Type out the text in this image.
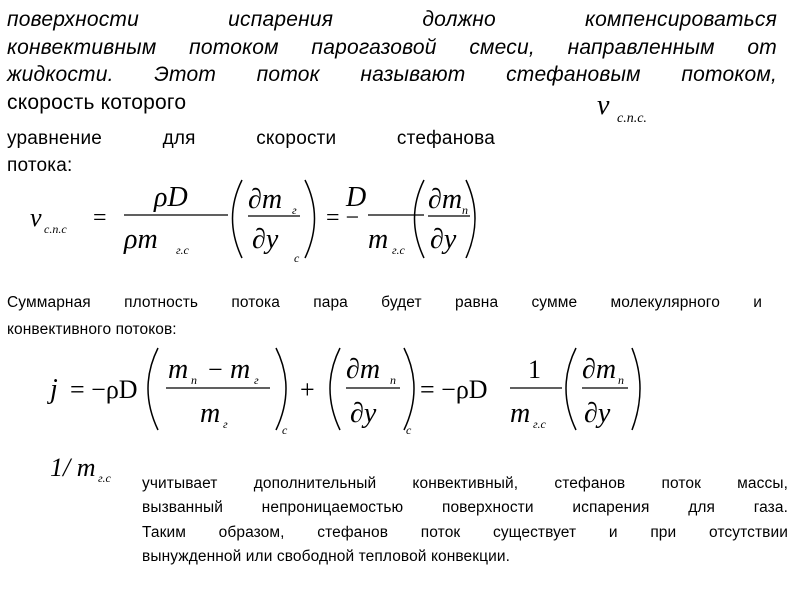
поверхности испарения должно компенсироваться
конвективным потоком парогазовой смеси, направленным от
жидкости. Этот поток называют стефановым потоком,
скорость которого	v с.п.с.
уравнение для скорости стефанова
потока:
v с.п.с =
ρD
ρm г.с
∂m г
∂y
c
= −
D
m г.с
∂m п
∂y
Суммарная плотность потока пара будет равна сумме молекулярного и
конвективного потоков:
j = −ρD
m п − m г
m г	c
+
∂m п
∂y
c
= −ρD
1
m г.с
∂m п
∂y
1/ m г.с учитывает дополнительный конвективный, стефанов поток массы,
вызванный непроницаемостью поверхности испарения для газа.
Таким образом, стефанов поток существует и при отсутствии
вынужденной или свободной тепловой конвекции.
